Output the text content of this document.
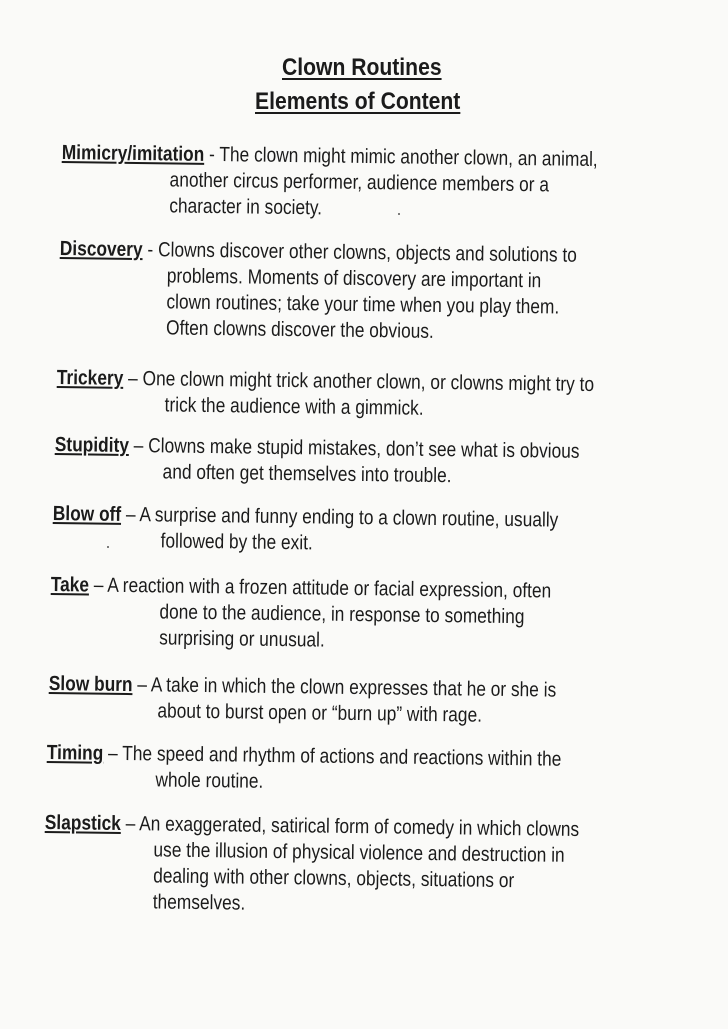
Clown Routines
Elements of Content
Mimicry/imitation - The clown might mimic another clown, an animal,
another circus performer, audience members or a
character in society.
Discovery - Clowns discover other clowns, objects and solutions to
problems. Moments of discovery are important in
clown routines; take your time when you play them.
Often clowns discover the obvious.
Trickery – One clown might trick another clown, or clowns might try to
trick the audience with a gimmick.
Stupidity – Clowns make stupid mistakes, don’t see what is obvious
and often get themselves into trouble.
Blow off – A surprise and funny ending to a clown routine, usually
followed by the exit.
Take – A reaction with a frozen attitude or facial expression, often
done to the audience, in response to something
surprising or unusual.
Slow burn – A take in which the clown expresses that he or she is
about to burst open or “burn up” with rage.
Timing – The speed and rhythm of actions and reactions within the
whole routine.
Slapstick – An exaggerated, satirical form of comedy in which clowns
use the illusion of physical violence and destruction in
dealing with other clowns, objects, situations or
themselves.
